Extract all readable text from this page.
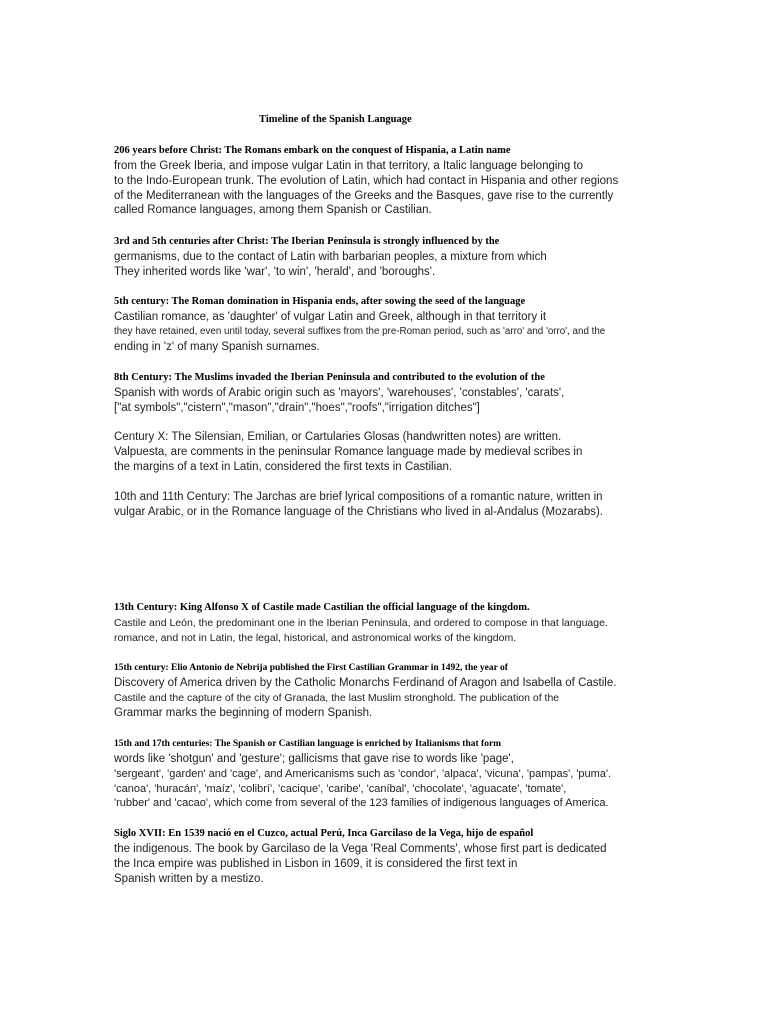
Timeline of the Spanish Language
206 years before Christ: The Romans embark on the conquest of Hispania, a Latin name
from the Greek Iberia, and impose vulgar Latin in that territory, a Italic language belonging to
to the Indo-European trunk. The evolution of Latin, which had contact in Hispania and other regions
of the Mediterranean with the languages of the Greeks and the Basques, gave rise to the currently
called Romance languages, among them Spanish or Castilian.
3rd and 5th centuries after Christ: The Iberian Peninsula is strongly influenced by the
germanisms, due to the contact of Latin with barbarian peoples, a mixture from which
They inherited words like 'war', 'to win', 'herald', and 'boroughs'.
5th century: The Roman domination in Hispania ends, after sowing the seed of the language
Castilian romance, as 'daughter' of vulgar Latin and Greek, although in that territory it
they have retained, even until today, several suffixes from the pre-Roman period, such as 'arro' and 'orro', and the
ending in 'z' of many Spanish surnames.
8th Century: The Muslims invaded the Iberian Peninsula and contributed to the evolution of the
Spanish with words of Arabic origin such as 'mayors', 'warehouses', 'constables', 'carats',
["at symbols","cistern","mason","drain","hoes","roofs","irrigation ditches"]
Century X: The Silensian, Emilian, or Cartularies Glosas (handwritten notes) are written.
Valpuesta, are comments in the peninsular Romance language made by medieval scribes in
the margins of a text in Latin, considered the first texts in Castilian.
10th and 11th Century: The Jarchas are brief lyrical compositions of a romantic nature, written in
vulgar Arabic, or in the Romance language of the Christians who lived in al-Andalus (Mozarabs).
13th Century: King Alfonso X of Castile made Castilian the official language of the kingdom.
Castile and León, the predominant one in the Iberian Peninsula, and ordered to compose in that language.
romance, and not in Latin, the legal, historical, and astronomical works of the kingdom.
15th century: Elio Antonio de Nebrija published the First Castilian Grammar in 1492, the year of
Discovery of America driven by the Catholic Monarchs Ferdinand of Aragon and Isabella of Castile.
Castile and the capture of the city of Granada, the last Muslim stronghold. The publication of the
Grammar marks the beginning of modern Spanish.
15th and 17th centuries: The Spanish or Castilian language is enriched by Italianisms that form
words like 'shotgun' and 'gesture'; gallicisms that gave rise to words like 'page',
'sergeant', 'garden' and 'cage', and Americanisms such as 'condor', 'alpaca', 'vicuna', 'pampas', 'puma'.
'canoa', 'huracán', 'maíz', 'colibrí', 'cacique', 'caribe', 'caníbal', 'chocolate', 'aguacate', 'tomate',
'rubber' and 'cacao', which come from several of the 123 families of indigenous languages of America.
Siglo XVII: En 1539 nació en el Cuzco, actual Perú, Inca Garcilaso de la Vega, hijo de español
the indigenous. The book by Garcilaso de la Vega 'Real Comments', whose first part is dedicated
the Inca empire was published in Lisbon in 1609, it is considered the first text in
Spanish written by a mestizo.
